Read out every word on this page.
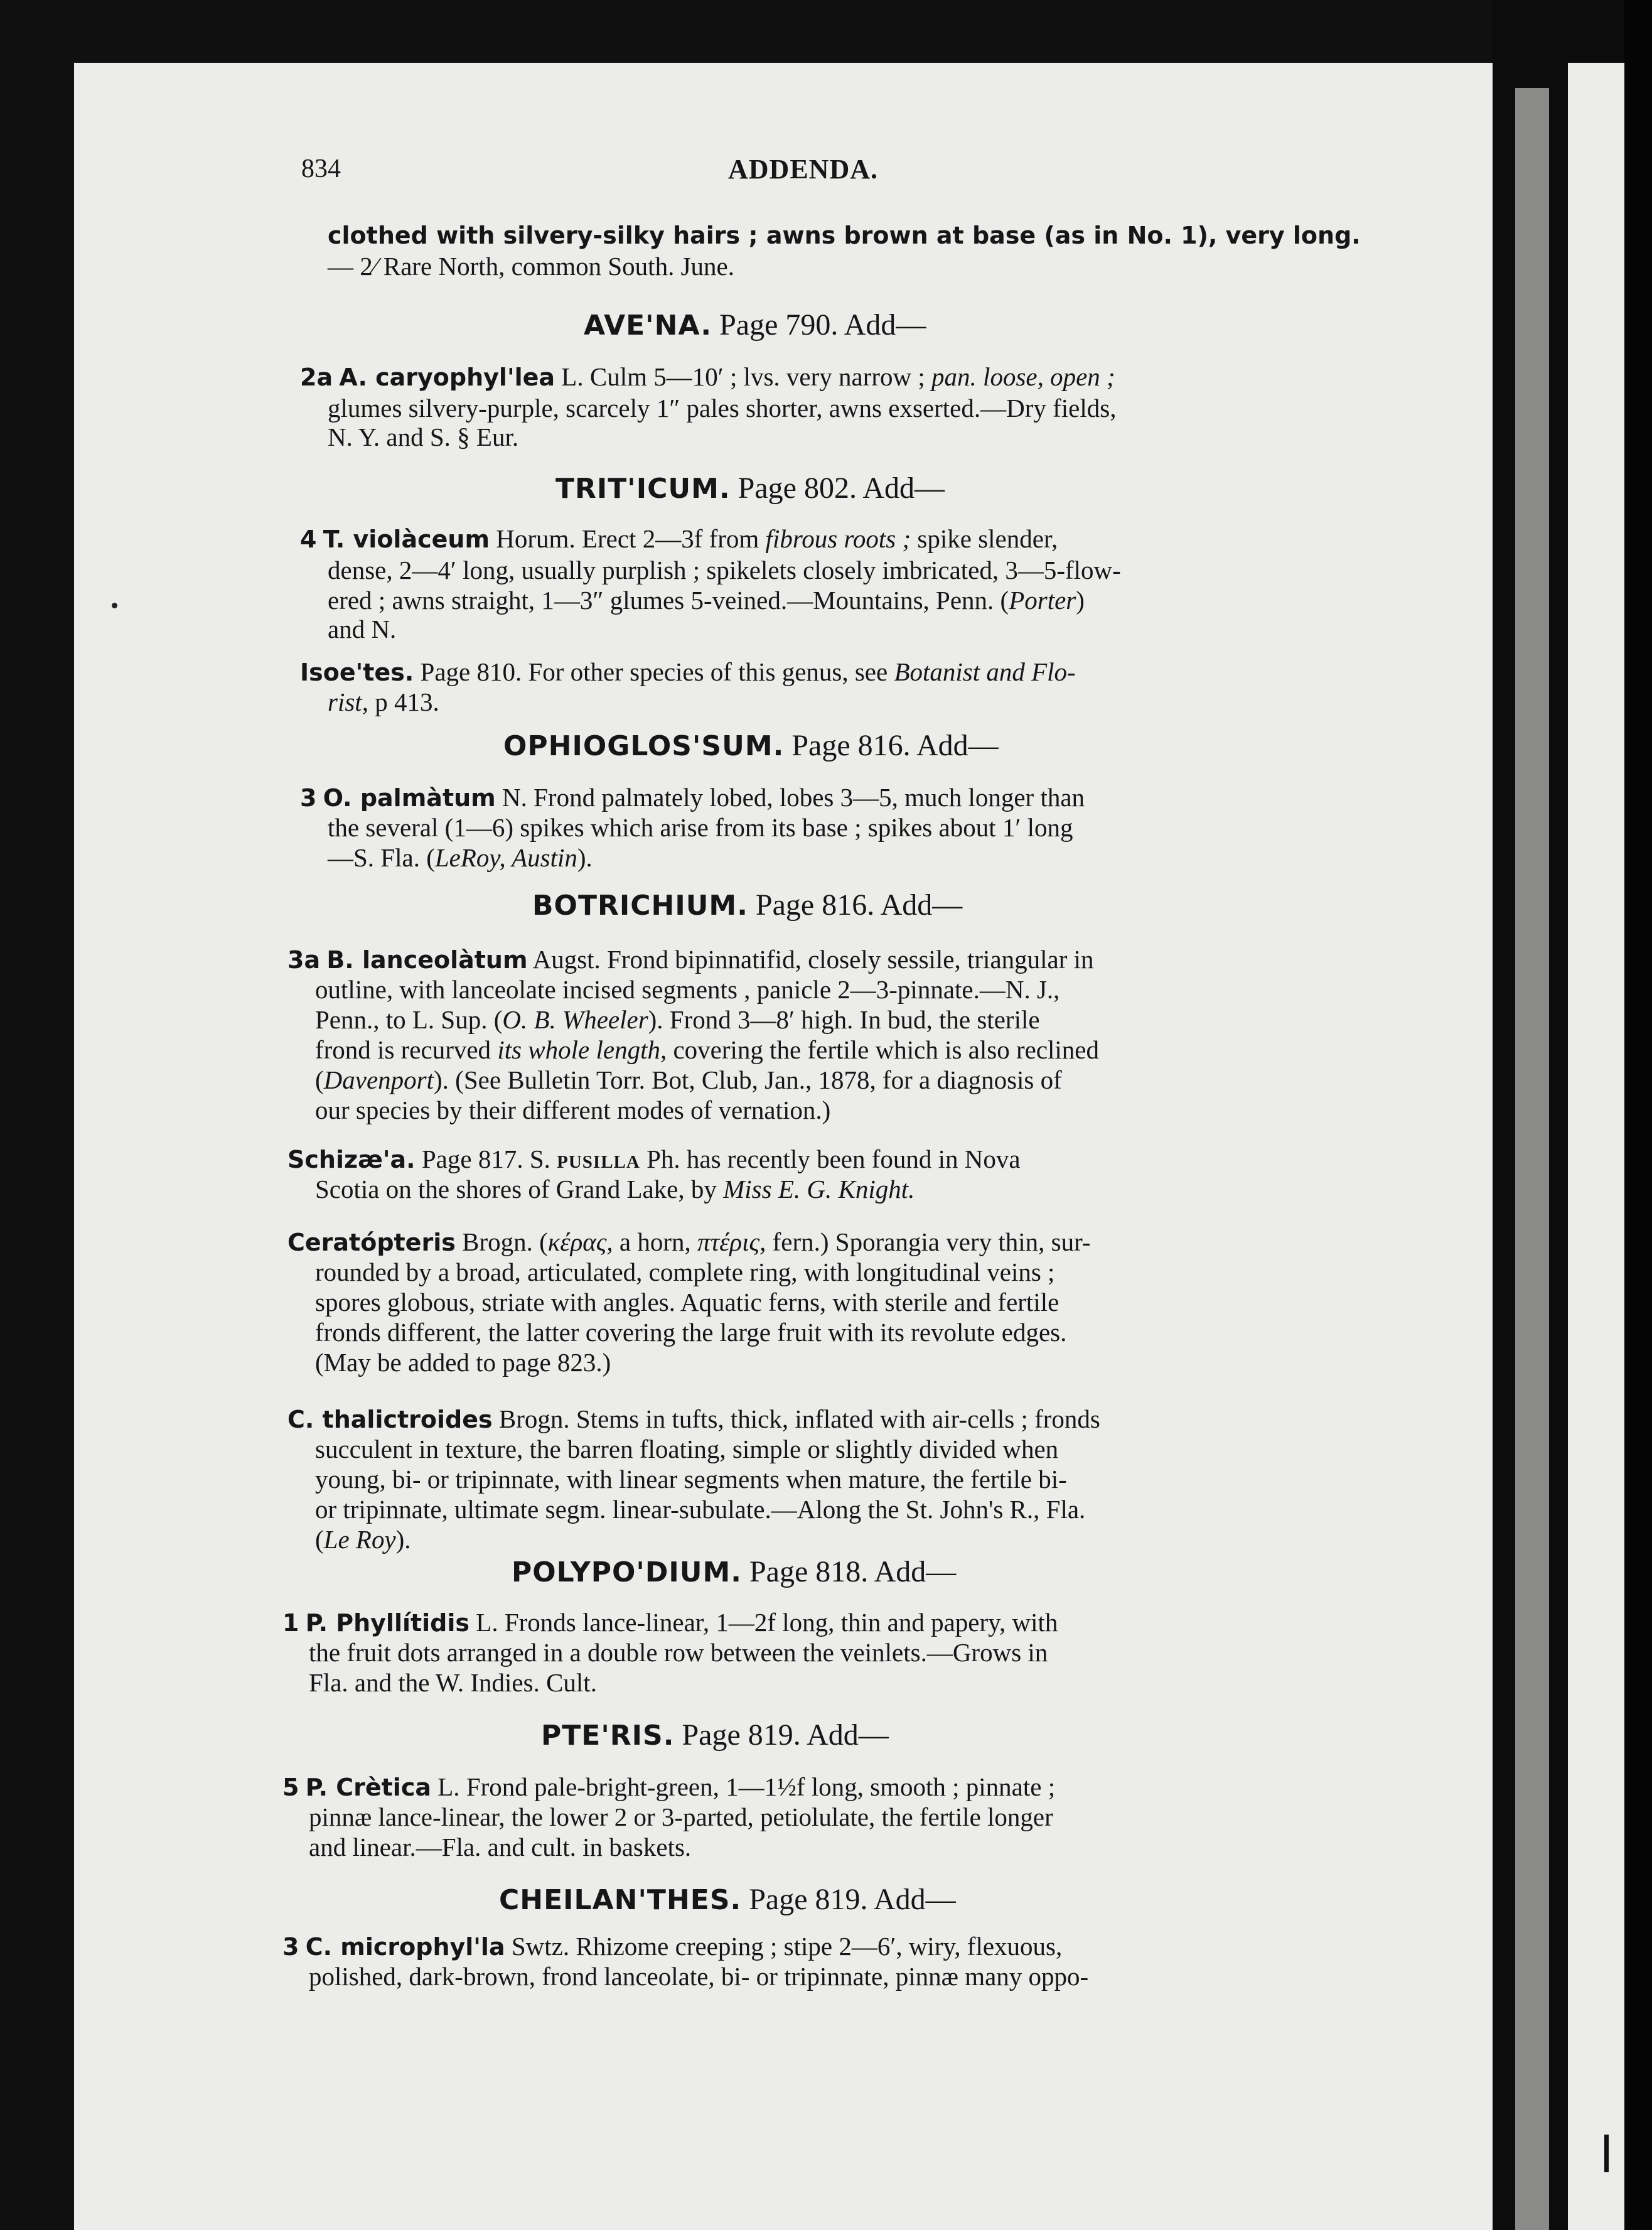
834	ADDENDA.
clothed with silvery-silky hairs ; awns brown at base (as in No. 1), very long.
— 2⁄ Rare North, common South. June.
AVE'NA. Page 790. Add—
2a A. caryophyl'lea L. Culm 5—10′ ; lvs. very narrow ; pan. loose, open ;
glumes silvery-purple, scarcely 1″ pales shorter, awns exserted.—Dry fields,
N. Y. and S. § Eur.
TRIT'ICUM. Page 802. Add—
4 T. violàceum Horum. Erect 2—3f from fibrous roots ; spike slender,
dense, 2—4′ long, usually purplish ; spikelets closely imbricated, 3—5-flow-
ered ; awns straight, 1—3″ glumes 5-veined.—Mountains, Penn. (Porter)
and N.
Isoe'tes. Page 810. For other species of this genus, see Botanist and Flo-
rist, p 413.
OPHIOGLOS'SUM. Page 816. Add—
3 O. palmàtum N. Frond palmately lobed, lobes 3—5, much longer than
the several (1—6) spikes which arise from its base ; spikes about 1′ long
—S. Fla. (LeRoy, Austin).
BOTRICHIUM. Page 816. Add—
3a B. lanceolàtum Augst. Frond bipinnatifid, closely sessile, triangular in
outline, with lanceolate incised segments , panicle 2—3-pinnate.—N. J.,
Penn., to L. Sup. (O. B. Wheeler). Frond 3—8′ high. In bud, the sterile
frond is recurved its whole length, covering the fertile which is also reclined
(Davenport). (See Bulletin Torr. Bot, Club, Jan., 1878, for a diagnosis of
our species by their different modes of vernation.)
Schizæ'a. Page 817. S. pusilla Ph. has recently been found in Nova
Scotia on the shores of Grand Lake, by Miss E. G. Knight.
Ceratópteris Brogn. (κέρας, a horn, πτέρις, fern.) Sporangia very thin, sur-
rounded by a broad, articulated, complete ring, with longitudinal veins ;
spores globous, striate with angles. Aquatic ferns, with sterile and fertile
fronds different, the latter covering the large fruit with its revolute edges.
(May be added to page 823.)
C. thalictroides Brogn. Stems in tufts, thick, inflated with air-cells ; fronds
succulent in texture, the barren floating, simple or slightly divided when
young, bi- or tripinnate, with linear segments when mature, the fertile bi-
or tripinnate, ultimate segm. linear-subulate.—Along the St. John's R., Fla.
(Le Roy).
POLYPO'DIUM. Page 818. Add—
1 P. Phyllítidis L. Fronds lance-linear, 1—2f long, thin and papery, with
the fruit dots arranged in a double row between the veinlets.—Grows in
Fla. and the W. Indies. Cult.
PTE'RIS. Page 819. Add—
5 P. Crètica L. Frond pale-bright-green, 1—1½f long, smooth ; pinnate ;
pinnæ lance-linear, the lower 2 or 3-parted, petiolulate, the fertile longer
and linear.—Fla. and cult. in baskets.
CHEILAN'THES. Page 819. Add—
3 C. microphyl'la Swtz. Rhizome creeping ; stipe 2—6′, wiry, flexuous,
polished, dark-brown, frond lanceolate, bi- or tripinnate, pinnæ many oppo-
